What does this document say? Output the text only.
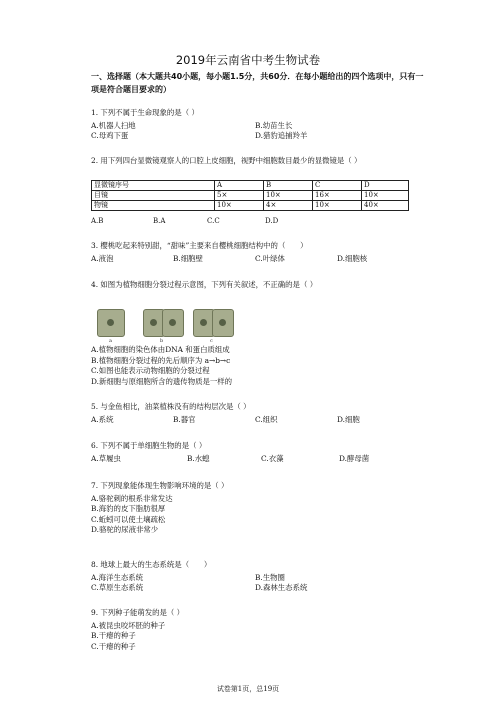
2019年云南省中考生物试卷
一、选择题（本大题共40小题，每小题1.5分，共60分．在每小题给出的四个选项中，只有一项是符合题目要求的）
1. 下列不属于生命现象的是（ ）
A.机器人扫地	B.幼苗生长
C.母鸡下蛋	D.猎豹追捕羚羊
2. 用下列四台显微镜观察人的口腔上皮细胞，视野中细胞数目最少的显微镜是（ ）
显微镜序号	A	B	C	D
目镜	5×	10×	16×	10×
物镜	10×	4×	10×	40×
A.B	B.A	C.C	D.D
3. 樱桃吃起来特别甜，“甜味”主要来自樱桃细胞结构中的（　　）
A.液泡	B.细胞壁	C.叶绿体	D.细胞核
4. 如图为植物细胞分裂过程示意图，下列有关叙述，不正确的是（ ）
a	b	c
A.植物细胞的染色体由DNA 和蛋白质组成
B.植物细胞分裂过程的先后顺序为 a→b→c
C.如图也能表示动物细胞的分裂过程
D.新细胞与原细胞所含的遗传物质是一样的
5. 与金鱼相比，油菜植株没有的结构层次是（ ）
A.系统	B.器官	C.组织	D.细胞
6. 下列不属于单细胞生物的是（ ）
A.草履虫	B.水螅	C.衣藻	D.酵母菌
7. 下列现象能体现生物影响环境的是（ ）
A.骆驼刺的根系非常发达
B.海豹的皮下脂肪很厚
C.蚯蚓可以使土壤疏松
D.骆驼的尿液非常少
8. 地球上最大的生态系统是（　　）
A.海洋生态系统	B.生物圈
C.草原生态系统	D.森林生态系统
9. 下列种子能萌发的是（ ）
A.被昆虫咬坏胚的种子
B.干瘪的种子
C.干瘪的种子
试卷第1页，总19页
